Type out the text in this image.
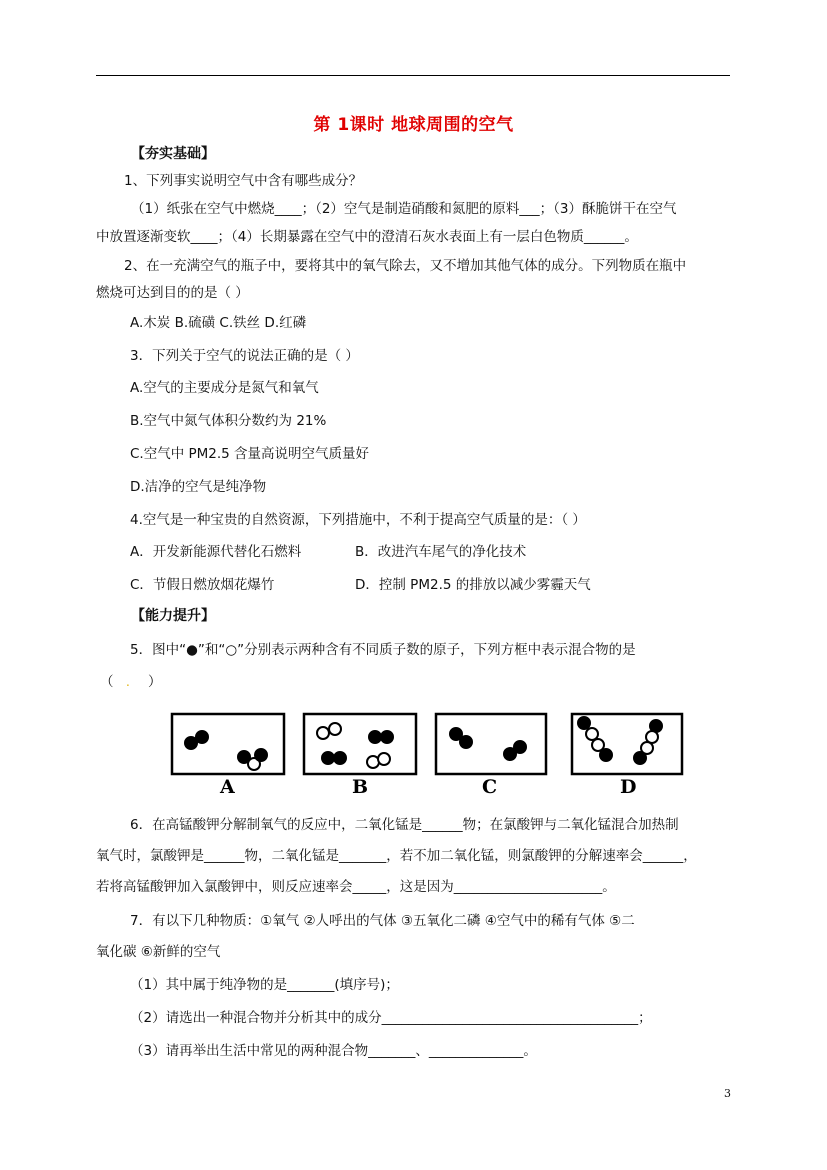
第 1课时 地球周围的空气
【夯实基础】
1、下列事实说明空气中含有哪些成分？
（1）纸张在空气中燃烧____；（2）空气是制造硝酸和氮肥的原料___；（3）酥脆饼干在空气
中放置逐渐变软____；（4）长期暴露在空气中的澄清石灰水表面上有一层白色物质______。
2、在一充满空气的瓶子中，要将其中的氧气除去，又不增加其他气体的成分。下列物质在瓶中
燃烧可达到目的的是（ ）
A.木炭 B.硫磺 C.铁丝 D.红磷
3．下列关于空气的说法正确的是（ ）
A.空气的主要成分是氮气和氧气
B.空气中氮气体积分数约为 21%
C.空气中 PM2.5 含量高说明空气质量好
D.洁净的空气是纯净物
4.空气是一种宝贵的自然资源，下列措施中，不利于提高空气质量的是：（ ）
A．开发新能源代替化石燃料	B．改进汽车尾气的净化技术
C．节假日燃放烟花爆竹	D．控制 PM2.5 的排放以减少雾霾天气
【能力提升】
5．图中“●”和“○”分别表示两种含有不同质子数的原子，下列方框中表示混合物的是
（ . ）
A	B	C	D
6．在高锰酸钾分解制氧气的反应中，二氧化锰是______物；在氯酸钾与二氧化锰混合加热制
氧气时，氯酸钾是______物，二氧化锰是_______，若不加二氧化锰，则氯酸钾的分解速率会______，
若将高锰酸钾加入氯酸钾中，则反应速率会_____，这是因为______________________。
7．有以下几种物质：①氧气 ②人呼出的气体 ③五氧化二磷 ④空气中的稀有气体 ⑤二
氧化碳 ⑥新鲜的空气
（1）其中属于纯净物的是_______(填序号)；
（2）请选出一种混合物并分析其中的成分______________________________________；
（3）请再举出生活中常见的两种混合物_______、______________。
3
